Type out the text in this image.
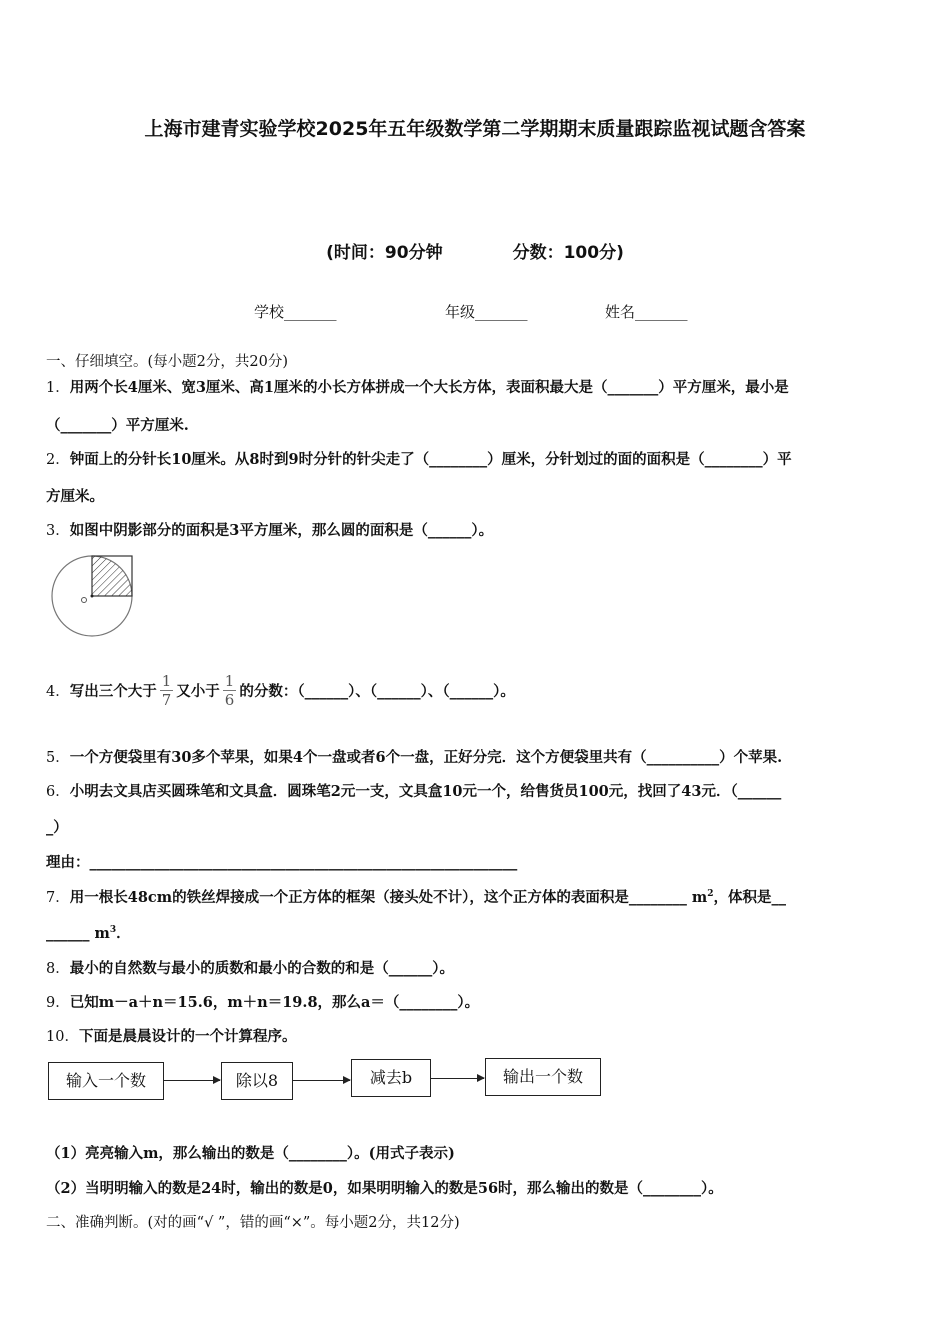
上海市建青实验学校2025年五年级数学第二学期期末质量跟踪监视试题含答案
(时间：90分钟	分数：100分)
学校_______	年级_______	姓名_______
一、仔细填空。(每小题2分，共20分)
1．用两个长4厘米、宽3厘米、高1厘米的小长方体拼成一个大长方体，表面积最大是（_______）平方厘米，最小是
（_______）平方厘米.
2．钟面上的分针长10厘米。从8时到9时分针的针尖走了（________）厘米，分针划过的面的面积是（________）平
方厘米。
3．如图中阴影部分的面积是3平方厘米，那么圆的面积是（______）。
4． 写出三个大于 $\frac{1}{7}$ 又小于 $\frac{1}{6}$ 的分数：（______）、（______）、（______）。
5．一个方便袋里有30多个苹果，如果4个一盘或者6个一盘，正好分完．这个方便袋里共有（__________）个苹果.
6．小明去文具店买圆珠笔和文具盒．圆珠笔2元一支，文具盒10元一个，给售货员100元，找回了43元．（______
_）
理由：___________________________________________________________
7．用一根长48cm的铁丝焊接成一个正方体的框架（接头处不计），这个正方体的表面积是________ $m^2$，体积是__
______ $m^3$．
8．最小的自然数与最小的质数和最小的合数的和是（______）。
9．已知m－a＋n＝15.6，m＋n＝19.8，那么a＝（________）。
10．下面是晨晨设计的一个计算程序。
输入一个数	除以8	减去b	输出一个数
（1）亮亮输入m，那么输出的数是（________）。(用式子表示)
（2）当明明输入的数是24时，输出的数是0，如果明明输入的数是56时，那么输出的数是（________）。
二、准确判断。(对的画“√ ”，错的画“×”。每小题2分，共12分)
